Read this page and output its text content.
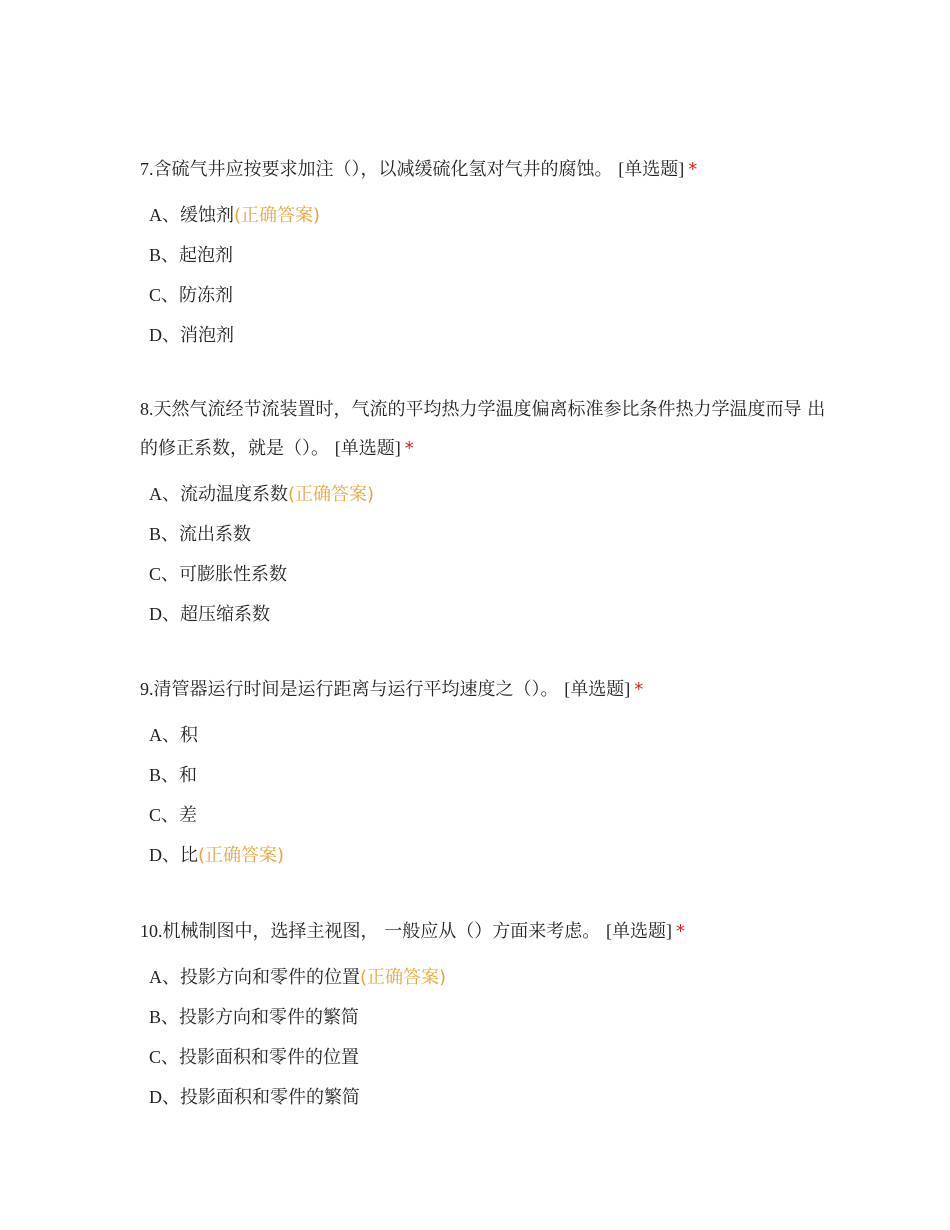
7.含硫气井应按要求加注（），以减缓硫化氢对气井的腐蚀。 [单选题] *

A、缓蚀剂(正确答案)
B、起泡剂
C、防冻剂
D、消泡剂

8.天然气流经节流装置时，气流的平均热力学温度偏离标准参比条件热力学温度而导 出的修正系数，就是（）。 [单选题] *

A、流动温度系数(正确答案)
B、流出系数
C、可膨胀性系数
D、超压缩系数

9.清管器运行时间是运行距离与运行平均速度之（）。 [单选题] *

A、积
B、和
C、差
D、比(正确答案)

10.机械制图中，选择主视图， 一般应从（）方面来考虑。 [单选题] *

A、投影方向和零件的位置(正确答案)
B、投影方向和零件的繁简
C、投影面积和零件的位置
D、投影面积和零件的繁简
